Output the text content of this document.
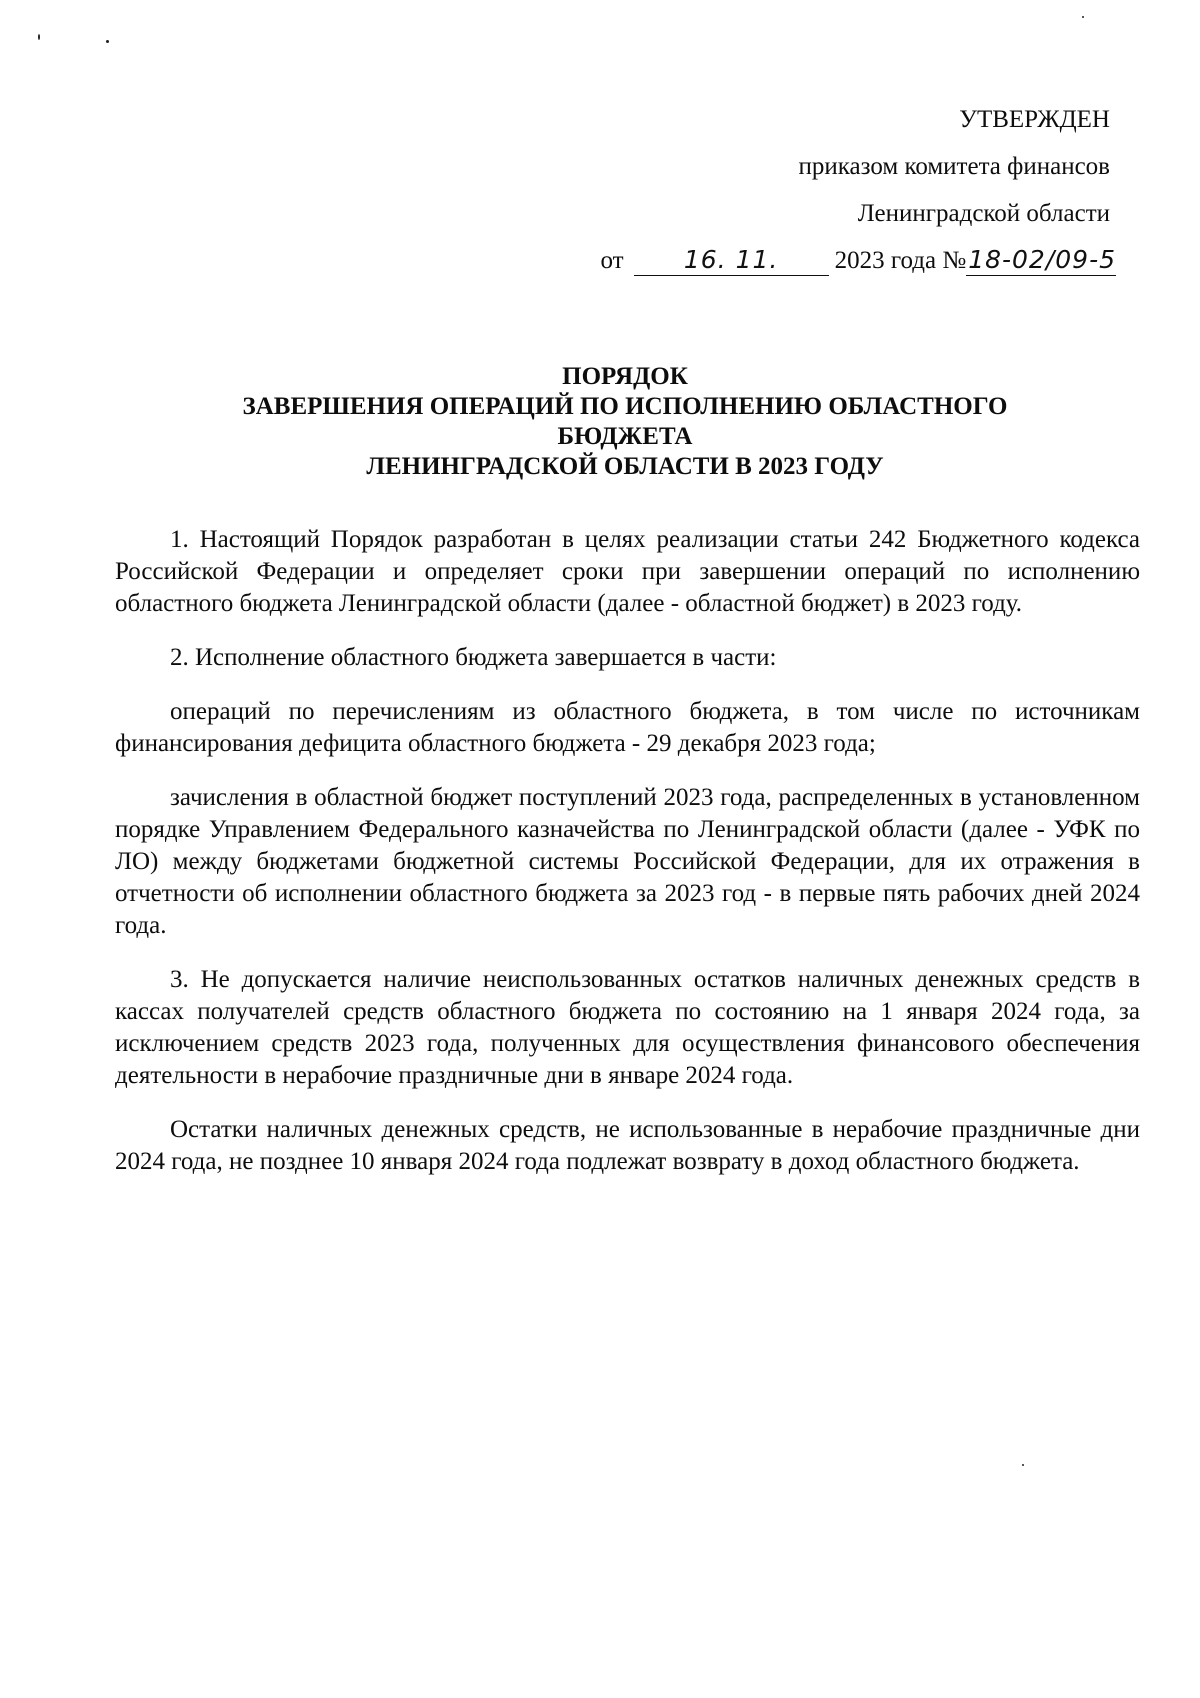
УТВЕРЖДЕН
приказом комитета финансов
Ленинградской области
от	16. 11.	2023 года № 18-02/09-5
ПОРЯДОК
ЗАВЕРШЕНИЯ ОПЕРАЦИЙ ПО ИСПОЛНЕНИЮ ОБЛАСТНОГО
БЮДЖЕТА
ЛЕНИНГРАДСКОЙ ОБЛАСТИ В 2023 ГОДУ

1. Настоящий Порядок разработан в целях реализации статьи 242 Бюджетного кодекса Российской Федерации и определяет сроки при завершении операций по исполнению областного бюджета Ленинградской области (далее - областной бюджет) в 2023 году.

2. Исполнение областного бюджета завершается в части:

операций по перечислениям из областного бюджета, в том числе по источникам финансирования дефицита областного бюджета - 29 декабря 2023 года;

зачисления в областной бюджет поступлений 2023 года, распределенных в установленном порядке Управлением Федерального казначейства по Ленинградской области (далее - УФК по ЛО) между бюджетами бюджетной системы Российской Федерации, для их отражения в отчетности об исполнении областного бюджета за 2023 год - в первые пять рабочих дней 2024 года.

3. Не допускается наличие неиспользованных остатков наличных денежных средств в кассах получателей средств областного бюджета по состоянию на 1 января 2024 года, за исключением средств 2023 года, полученных для осуществления финансового обеспечения деятельности в нерабочие праздничные дни в январе 2024 года.

Остатки наличных денежных средств, не использованные в нерабочие праздничные дни 2024 года, не позднее 10 января 2024 года подлежат возврату в доход областного бюджета.
